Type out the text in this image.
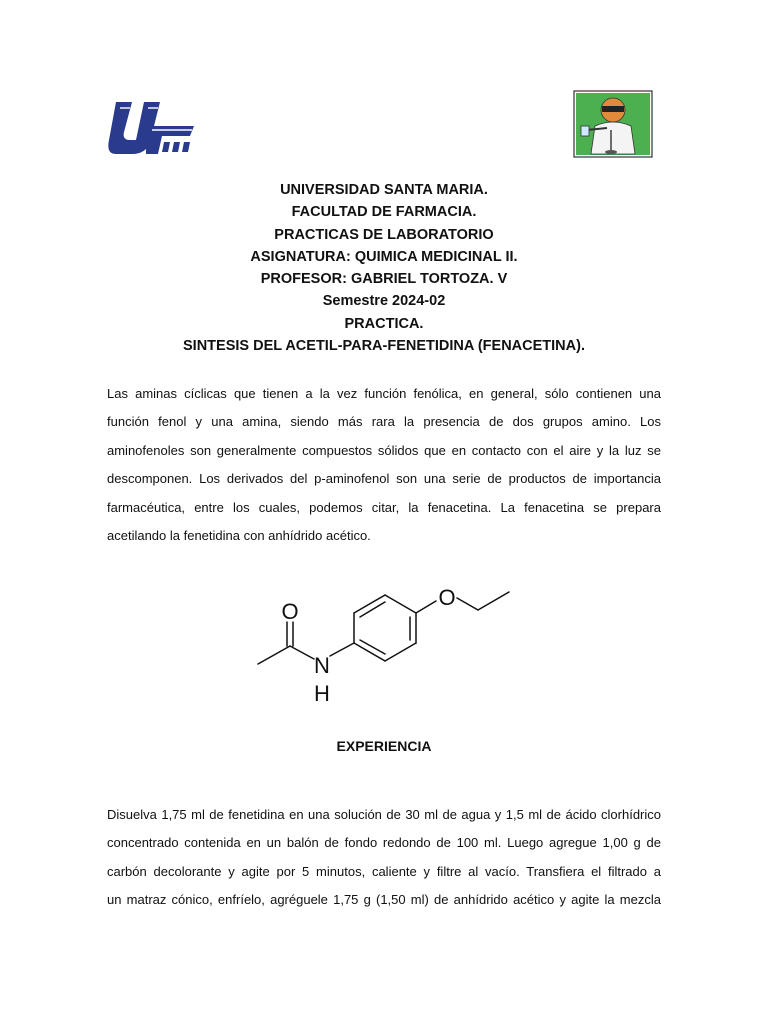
UNIVERSIDAD SANTA MARIA.
FACULTAD DE FARMACIA.
PRACTICAS DE LABORATORIO
ASIGNATURA: QUIMICA MEDICINAL II.
PROFESOR: GABRIEL TORTOZA. V
Semestre 2024-02
PRACTICA.
SINTESIS DEL ACETIL-PARA-FENETIDINA (FENACETINA).
Las aminas cíclicas que tienen a la vez función fenólica, en general, sólo contienen una
función fenol y una amina, siendo más rara la presencia de dos grupos amino. Los
aminofenoles son generalmente compuestos sólidos que en contacto con el aire y la luz se
descomponen. Los derivados del p-aminofenol son una serie de productos de importancia
farmacéutica, entre los cuales, podemos citar, la fenacetina. La fenacetina se prepara
acetilando la fenetidina con anhídrido acético.
O
N
H
O
EXPERIENCIA
Disuelva 1,75 ml de fenetidina en una solución de 30 ml de agua y 1,5 ml de ácido clorhídrico
concentrado contenida en un balón de fondo redondo de 100 ml. Luego agregue 1,00 g de
carbón decolorante y agite por 5 minutos, caliente y filtre al vacío. Transfiera el filtrado a
un matraz cónico, enfríelo, agréguele 1,75 g (1,50 ml) de anhídrido acético y agite la mezcla
